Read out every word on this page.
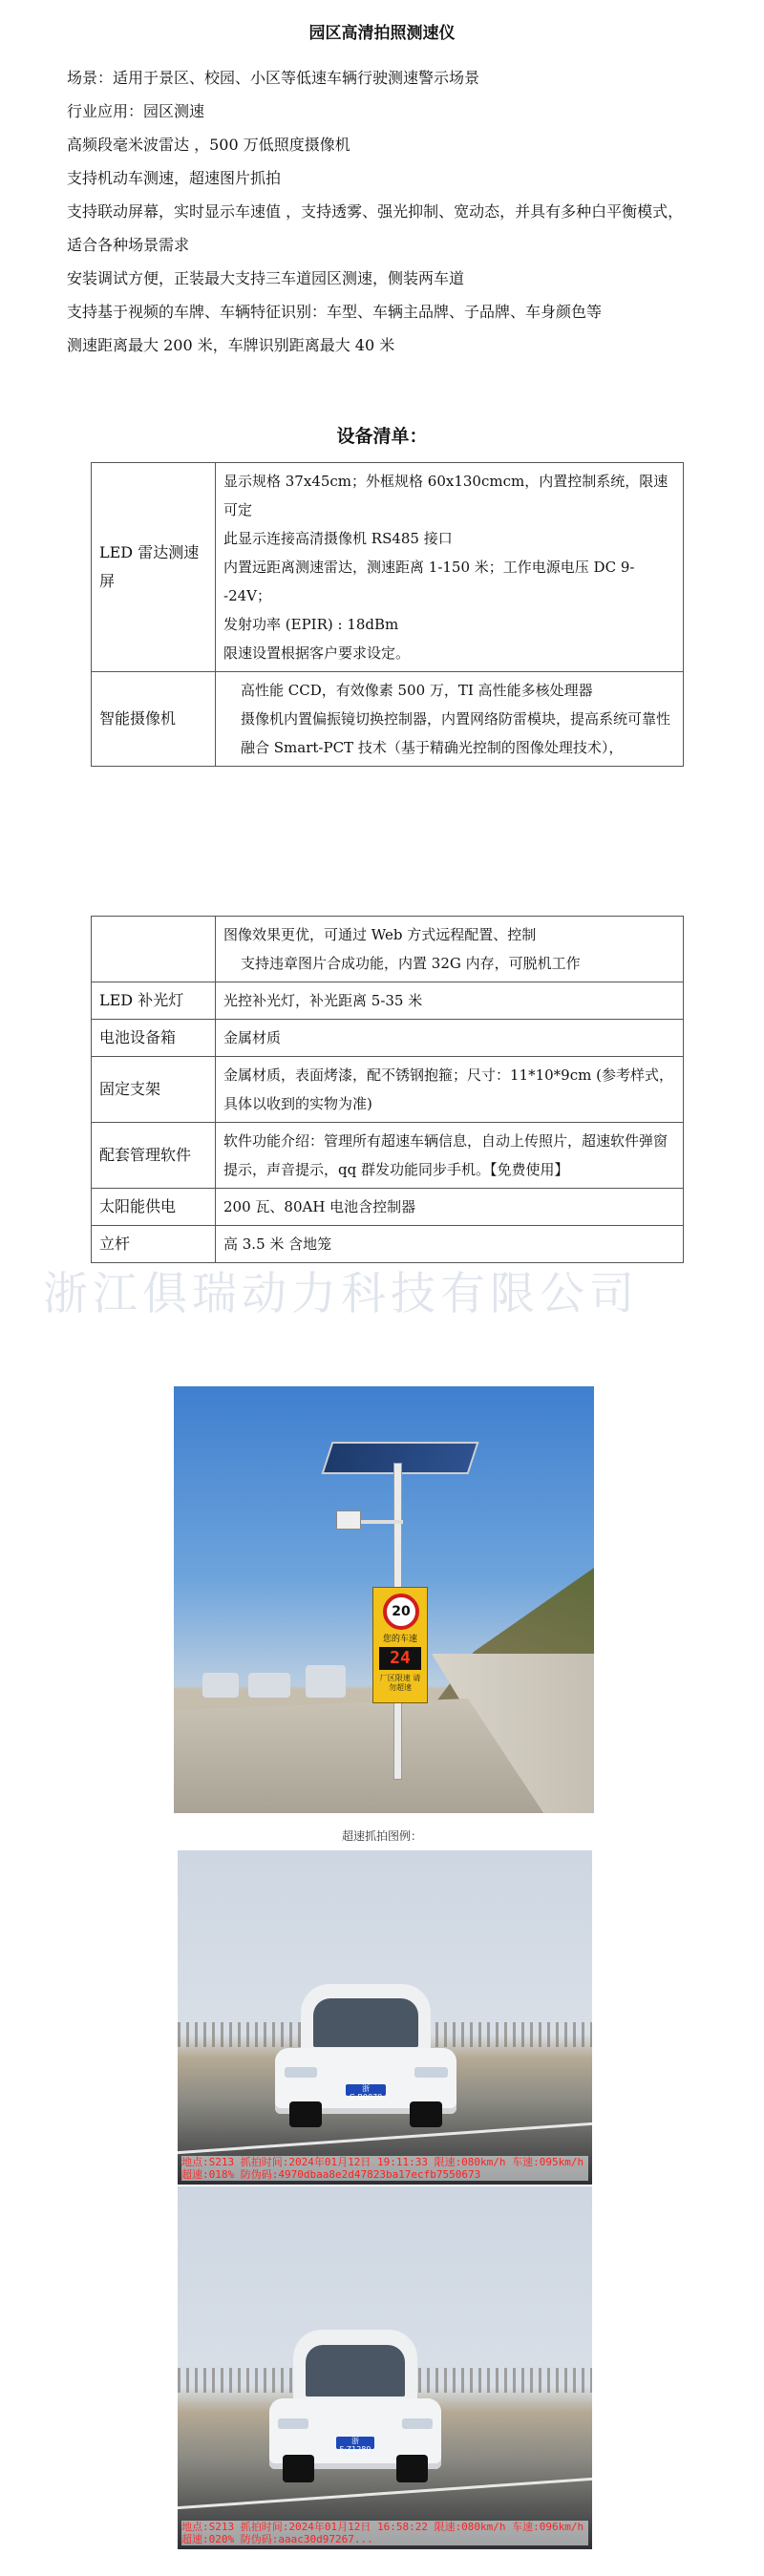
园区高清拍照测速仪

场景：适用于景区、校园、小区等低速车辆行驶测速警示场景

行业应用：园区测速

高频段毫米波雷达 ，500 万低照度摄像机

支持机动车测速，超速图片抓拍

支持联动屏幕，实时显示车速值 ，支持透雾、强光抑制、宽动态，并具有多种白平衡模式，适合各种场景需求

安装调试方便，正装最大支持三车道园区测速，侧装两车道

支持基于视频的车牌、车辆特征识别：车型、车辆主品牌、子品牌、车身颜色等

测速距离最大 200 米，车牌识别距离最大 40 米

设备清单：
LED 雷达测速屏	显示规格 37x45cm；外框规格 60x130cmcm，内置控制系统，限速可定

此显示连接高清摄像机 RS485 接口

内置远距离测速雷达，测速距离 1-150 米；工作电源电压 DC 9--24V；

发射功率 (EPIR) : 18dBm

限速设置根据客户要求设定。

智能摄像机	高性能 CCD，有效像素 500 万，TI 高性能多核处理器

摄像机内置偏振镜切换控制器，内置网络防雷模块，提高系统可靠性

融合 Smart-PCT 技术（基于精确光控制的图像处理技术），

	图像效果更优，可通过 Web 方式远程配置、控制

支持违章图片合成功能，内置 32G 内存，可脱机工作

LED 补光灯	光控补光灯，补光距离 5-35 米
电池设备箱	金属材质
固定支架	金属材质，表面烤漆，配不锈钢抱箍；尺寸：11*10*9cm (参考样式，具体以收到的实物为准)
配套管理软件	软件功能介绍：管理所有超速车辆信息，自动上传照片，超速软件弹窗提示，声音提示，qq 群发功能同步手机。【免费使用】
太阳能供电	200 瓦、80AH 电池含控制器
立杆	高 3.5 米 含地笼
浙江俱瑞动力科技有限公司
20
您的车速
24
厂区限速 请勿超速
超速抓拍图例：
浙G·B0079
地点:S213 抓拍时间:2024年01月12日 19:11:33 限速:080km/h 车速:095km/h 超速:018% 防伪码:4970dbaa8e2d47823ba17ecfb7550673
浙F·Z1289
地点:S213 抓拍时间:2024年01月12日 16:58:22 限速:080km/h 车速:096km/h 超速:020% 防伪码:aaac30d97267...
